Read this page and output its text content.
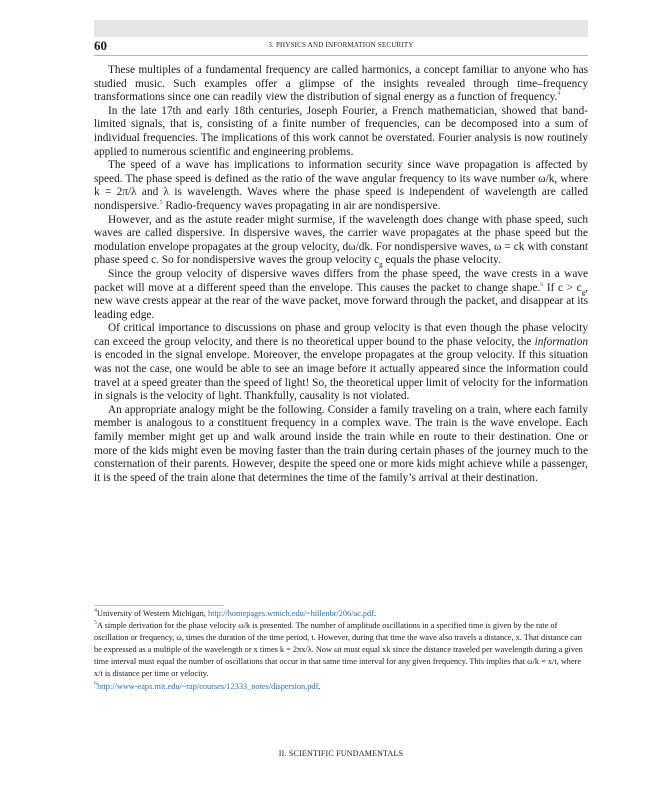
60	3. PHYSICS AND INFORMATION SECURITY

These multiples of a fundamental frequency are called harmonics, a concept familiar to anyone who has studied music. Such examples offer a glimpse of the insights revealed through time–frequency transformations since one can readily view the distribution of signal energy as a function of frequency.$^4$

In the late 17th and early 18th centuries, Joseph Fourier, a French mathematician, showed that band-limited signals, that is, consisting of a finite number of frequencies, can be decomposed into a sum of individual frequencies. The implications of this work cannot be overstated. Fourier analysis is now routinely applied to numerous scientific and engineering problems.

The speed of a wave has implications to information security since wave propagation is affected by speed. The phase speed is defined as the ratio of the wave angular frequency to its wave number ω/k, where k = 2π/λ and λ is wavelength. Waves where the phase speed is independent of wavelength are called nondispersive.$^5$ Radio-frequency waves propagating in air are nondispersive.

However, and as the astute reader might surmise, if the wavelength does change with phase speed, such waves are called dispersive. In dispersive waves, the carrier wave propagates at the phase speed but the modulation envelope propagates at the group velocity, dω/dk. For nondispersive waves, ω = ck with constant phase speed c. So for nondispersive waves the group velocity $c_g$ equals the phase velocity.

Since the group velocity of dispersive waves differs from the phase speed, the wave crests in a wave packet will move at a different speed than the envelope. This causes the packet to change shape.$^6$ If $c > c_g$, new wave crests appear at the rear of the wave packet, move forward through the packet, and disappear at its leading edge.

Of critical importance to discussions on phase and group velocity is that even though the phase velocity can exceed the group velocity, and there is no theoretical upper bound to the phase velocity, the information is encoded in the signal envelope. Moreover, the envelope propagates at the group velocity. If this situation was not the case, one would be able to see an image before it actually appeared since the information could travel at a speed greater than the speed of light! So, the theoretical upper limit of velocity for the information in signals is the velocity of light. Thankfully, causality is not violated.

An appropriate analogy might be the following. Consider a family traveling on a train, where each family member is analogous to a constituent frequency in a complex wave. The train is the wave envelope. Each family member might get up and walk around inside the train while en route to their destination. One or more of the kids might even be moving faster than the train during certain phases of the journey much to the consternation of their parents. However, despite the speed one or more kids might achieve while a passenger, it is the speed of the train alone that determines the time of the family’s arrival at their destination.

$^4$University of Western Michigan, http://homepages.wmich.edu/~hillenbr/206/ac.pdf.

$^5$A simple derivation for the phase velocity ω/k is presented. The number of amplitude oscillations in a specified time is given by the rate of oscillation or frequency, ω, times the duration of the time period, t. However, during that time the wave also travels a distance, x. That distance can be expressed as a multiple of the wavelength or x times k = 2πx/λ. Now ωt must equal xk since the distance traveled per wavelength during a given time interval must equal the number of oscillations that occur in that same time interval for any given frequency. This implies that ω/k = x/t, where x/t is distance per time or velocity.

$^6$http://www-eaps.mit.edu/~rap/courses/12333_notes/dispersion.pdf.

II. SCIENTIFIC FUNDAMENTALS
